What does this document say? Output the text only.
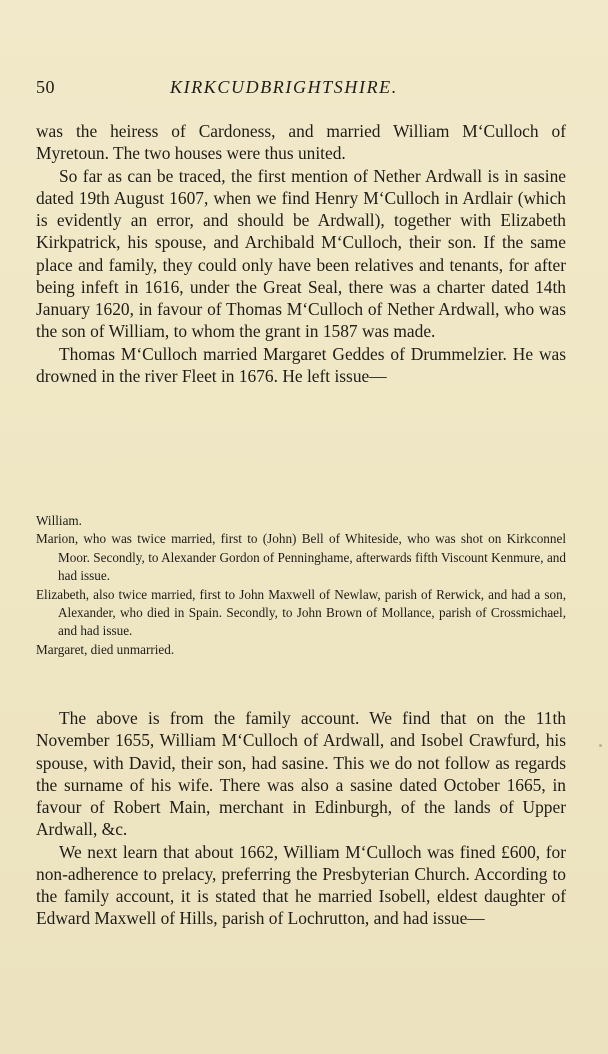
50	KIRKCUDBRIGHTSHIRE.

was the heiress of Cardoness, and married William M‘Culloch of Myretoun. The two houses were thus united.

So far as can be traced, the first mention of Nether Ardwall is in sasine dated 19th August 1607, when we find Henry M‘Culloch in Ardlair (which is evidently an error, and should be Ardwall), together with Elizabeth Kirkpatrick, his spouse, and Archibald M‘Culloch, their son. If the same place and family, they could only have been relatives and tenants, for after being infeft in 1616, under the Great Seal, there was a charter dated 14th January 1620, in favour of Thomas M‘Culloch of Nether Ardwall, who was the son of William, to whom the grant in 1587 was made.

Thomas M‘Culloch married Margaret Geddes of Drummelzier. He was drowned in the river Fleet in 1676. He left issue—

William.
Marion, who was twice married, first to (John) Bell of Whiteside, who was shot on Kirkconnel Moor. Secondly, to Alexander Gordon of Penninghame, afterwards fifth Viscount Kenmure, and had issue.
Elizabeth, also twice married, first to John Maxwell of Newlaw, parish of Rerwick, and had a son, Alexander, who died in Spain. Secondly, to John Brown of Mollance, parish of Crossmichael, and had issue.
Margaret, died unmarried.

The above is from the family account. We find that on the 11th November 1655, William M‘Culloch of Ardwall, and Isobel Crawfurd, his spouse, with David, their son, had sasine. This we do not follow as regards the surname of his wife. There was also a sasine dated October 1665, in favour of Robert Main, merchant in Edinburgh, of the lands of Upper Ardwall, &c.

We next learn that about 1662, William M‘Culloch was fined £600, for non-adherence to prelacy, preferring the Presbyterian Church. According to the family account, it is stated that he married Isobell, eldest daughter of Edward Maxwell of Hills, parish of Lochrutton, and had issue—
